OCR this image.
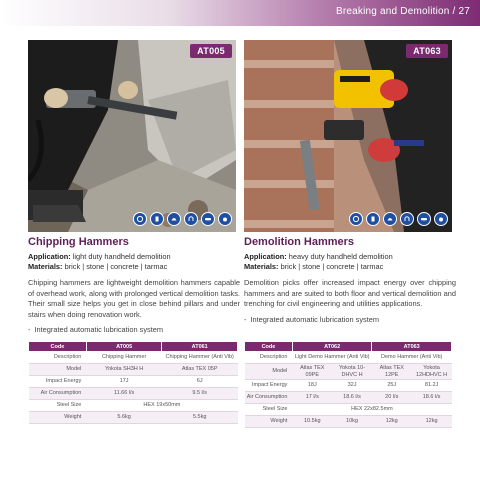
Breaking and Demolition / 27
AT005	AT063
Chipping Hammers
Application: light duty handheld demolition
Materials: brick | stone | concrete | tarmac
Chipping hammers are lightweight demolition hammers capable of overhead work, along with prolonged vertical demolition tasks. Their small size helps you get in close behind pillars and under stairs when doing renovation work.
- Integrated automatic lubrication system
Demolition Hammers
Application: heavy duty handheld demolition
Materials: brick | stone | concrete | tarmac
Demolition picks offer increased impact energy over chipping hammers and are suited to both floor and vertical demolition and trenching for civil engineering and utilities applications.
- Integrated automatic lubrication system
Code	AT005	AT061
Description	Chipping Hammer	Chipping Hammer (Anti Vib)
Model	Yokota SH3H H	Atlas TEX 05P
Impact Energy	17J	6J
Air Consumption	11.66 l/s	9.5 l/s
Steel Size	HEX 19x50mm	
Weight	5.6kg	5.5kg
Code	AT062		AT063	
Description	Light Demo Hammer (Anti Vib)		Demo Hammer (Anti Vib)	
Model	Atlas TEX 09PE	Yokota 10-DHVC H	Atlas TEX 12PE	Yokota 12HDHVC H
Impact Energy	18J	32J	25J	81.2J
Air Consumption	17 l/s	18.6 l/s	20 l/s	18.6 l/s
Steel Size	HEX 22x82.5mm			
Weight	10.5kg	10kg	12kg	12kg
